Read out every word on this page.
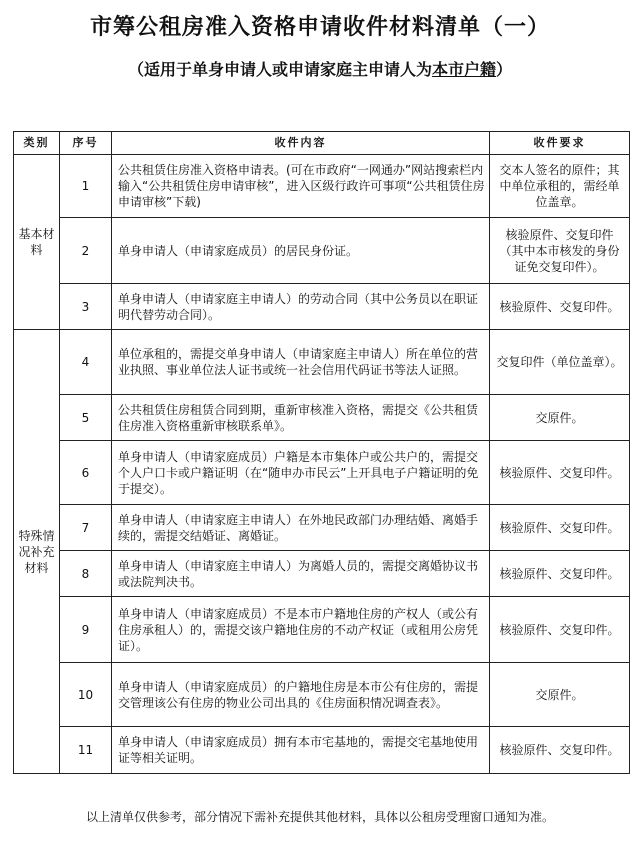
市筹公租房准入资格申请收件材料清单（一）
（适用于单身申请人或申请家庭主申请人为本市户籍）
类别	序号	收件内容	收件要求
基本材料	1	公共租赁住房准入资格申请表。(可在市政府“一网通办”网站搜索栏内输入“公共租赁住房申请审核”，进入区级行政许可事项“公共租赁住房申请审核”下载)	交本人签名的原件；其中单位承租的，需经单位盖章。
	2	单身申请人（申请家庭成员）的居民身份证。	核验原件、交复印件（其中本市核发的身份证免交复印件）。
	3	单身申请人（申请家庭主申请人）的劳动合同（其中公务员以在职证明代替劳动合同）。	核验原件、交复印件。
特殊情况补充材料	4	单位承租的，需提交单身申请人（申请家庭主申请人）所在单位的营业执照、事业单位法人证书或统一社会信用代码证书等法人证照。	交复印件（单位盖章）。
	5	公共租赁住房租赁合同到期，重新审核准入资格，需提交《公共租赁住房准入资格重新审核联系单》。	交原件。
	6	单身申请人（申请家庭成员）户籍是本市集体户或公共户的，需提交个人户口卡或户籍证明（在“随申办市民云”上开具电子户籍证明的免于提交）。	核验原件、交复印件。
	7	单身申请人（申请家庭主申请人）在外地民政部门办理结婚、离婚手续的，需提交结婚证、离婚证。	核验原件、交复印件。
	8	单身申请人（申请家庭主申请人）为离婚人员的，需提交离婚协议书或法院判决书。	核验原件、交复印件。
	9	单身申请人（申请家庭成员）不是本市户籍地住房的产权人（或公有住房承租人）的，需提交该户籍地住房的不动产权证（或租用公房凭证）。	核验原件、交复印件。
	10	单身申请人（申请家庭成员）的户籍地住房是本市公有住房的，需提交管理该公有住房的物业公司出具的《住房面积情况调查表》。	交原件。
	11	单身申请人（申请家庭成员）拥有本市宅基地的，需提交宅基地使用证等相关证明。	核验原件、交复印件。
以上清单仅供参考，部分情况下需补充提供其他材料，具体以公租房受理窗口通知为准。
